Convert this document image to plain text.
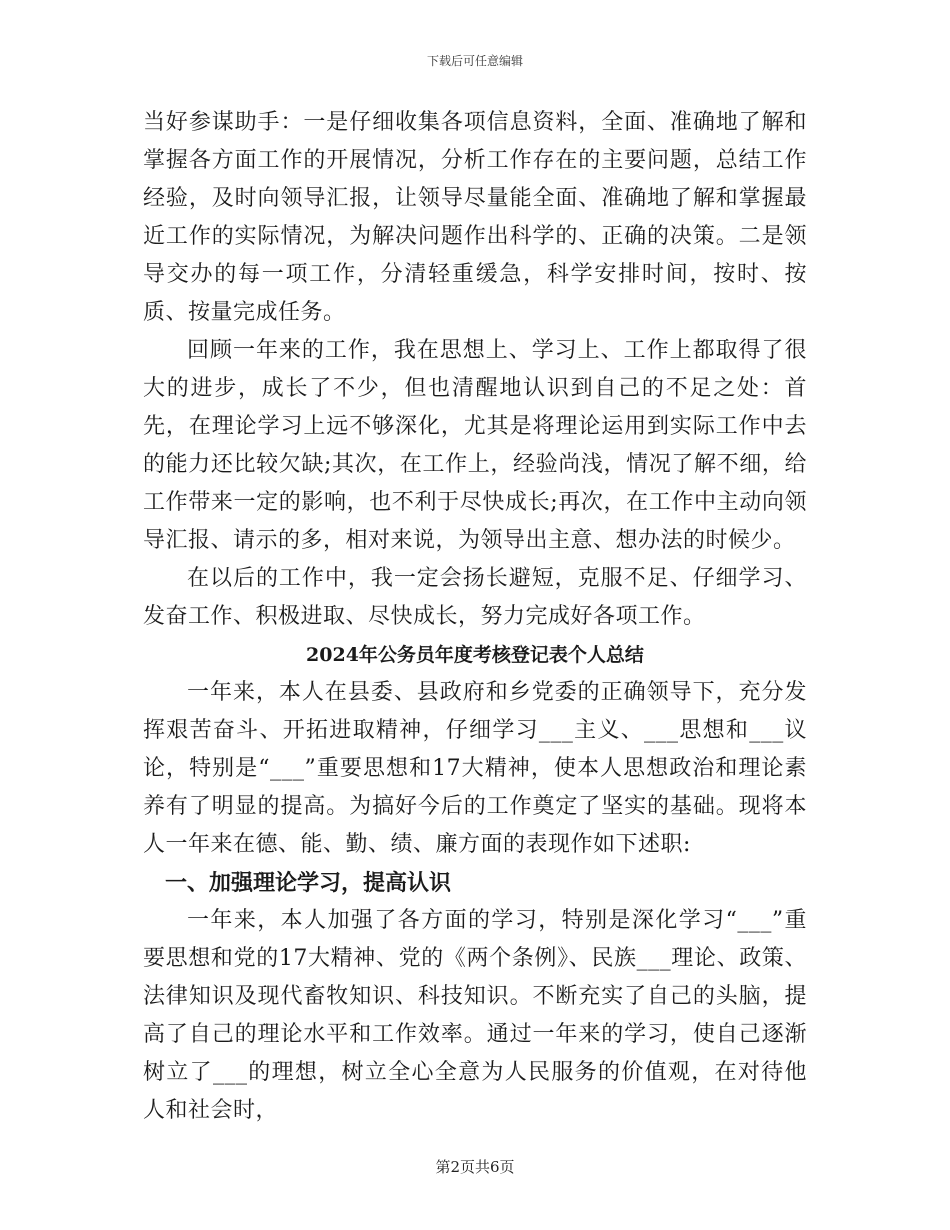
下载后可任意编辑

当好参谋助手：一是仔细收集各项信息资料，全面、准确地了解和掌握各方面工作的开展情况，分析工作存在的主要问题，总结工作经验，及时向领导汇报，让领导尽量能全面、准确地了解和掌握最近工作的实际情况，为解决问题作出科学的、正确的决策。二是领导交办的每一项工作，分清轻重缓急，科学安排时间，按时、按质、按量完成任务。

回顾一年来的工作，我在思想上、学习上、工作上都取得了很大的进步，成长了不少，但也清醒地认识到自己的不足之处：首先，在理论学习上远不够深化，尤其是将理论运用到实际工作中去的能力还比较欠缺;其次，在工作上，经验尚浅，情况了解不细，给工作带来一定的影响，也不利于尽快成长;再次，在工作中主动向领导汇报、请示的多，相对来说，为领导出主意、想办法的时候少。

在以后的工作中，我一定会扬长避短，克服不足、仔细学习、发奋工作、积极进取、尽快成长，努力完成好各项工作。

2024年公务员年度考核登记表个人总结

一年来，本人在县委、县政府和乡党委的正确领导下，充分发挥艰苦奋斗、开拓进取精神，仔细学习___主义、___思想和___议论，特别是“___”重要思想和17大精神，使本人思想政治和理论素养有了明显的提高。为搞好今后的工作奠定了坚实的基础。现将本人一年来在德、能、勤、绩、廉方面的表现作如下述职:

一、加强理论学习，提高认识

一年来，本人加强了各方面的学习，特别是深化学习“___”重要思想和党的17大精神、党的《两个条例》、民族___理论、政策、法律知识及现代畜牧知识、科技知识。不断充实了自己的头脑，提高了自己的理论水平和工作效率。通过一年来的学习，使自己逐渐树立了___的理想，树立全心全意为人民服务的价值观，在对待他人和社会时，

第2页共6页
